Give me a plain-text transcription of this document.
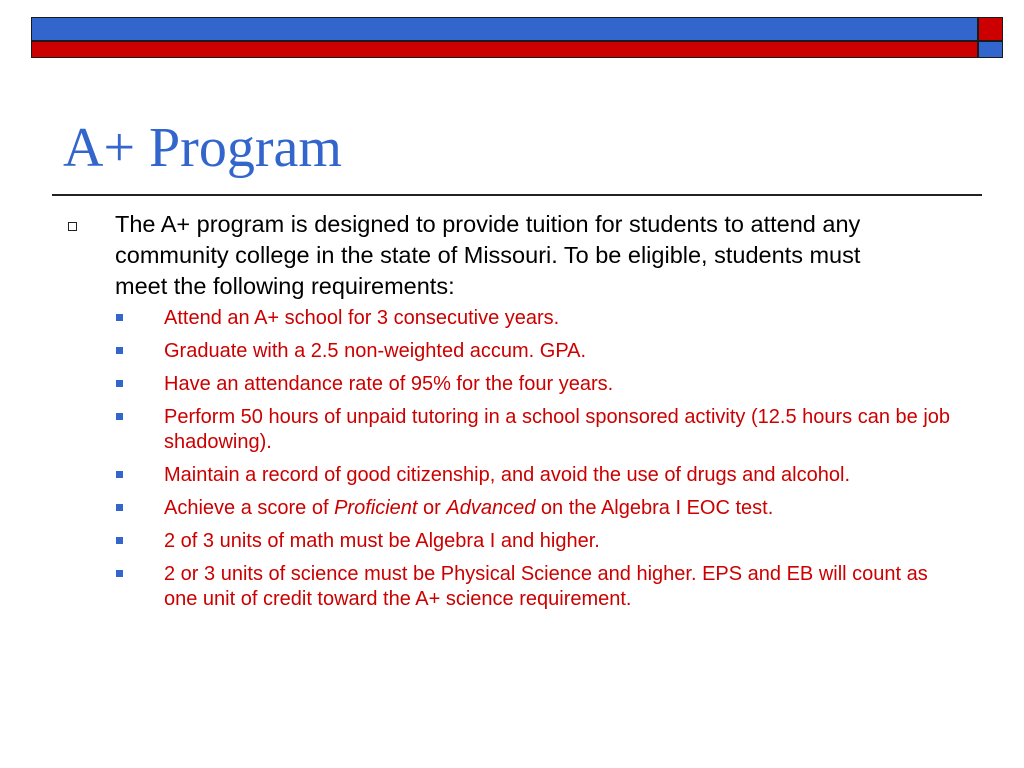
A+ Program
The A+ program is designed to provide tuition for students to attend any community college in the state of Missouri. To be eligible, students must meet the following requirements:
Attend an A+ school for 3 consecutive years.
Graduate with a 2.5 non-weighted accum. GPA.
Have an attendance rate of 95% for the four years.
Perform 50 hours of unpaid tutoring in a school sponsored activity (12.5 hours can be job shadowing).
Maintain a record of good citizenship, and avoid the use of drugs and alcohol.
Achieve a score of Proficient or Advanced on the Algebra I EOC test.
2 of 3 units of math must be Algebra I and higher.
2 or 3 units of science must be Physical Science and higher. EPS and EB will count as one unit of credit toward the A+ science requirement.
